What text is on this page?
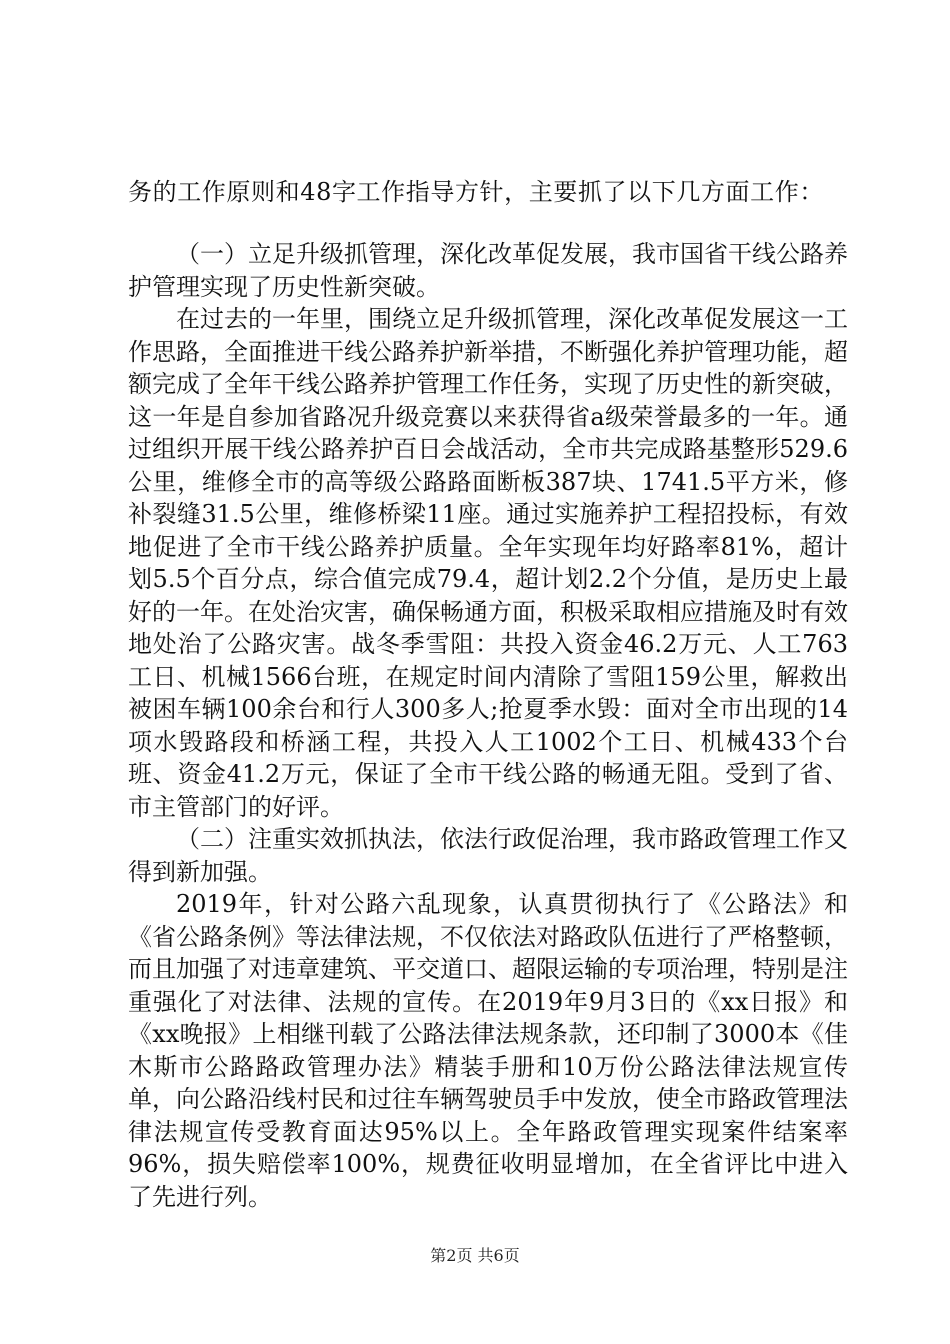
务的工作原则和48字工作指导方针，主要抓了以下几方面工作：

（一）立足升级抓管理，深化改革促发展，我市国省干线公路养护管理实现了历史性新突破。

在过去的一年里，围绕立足升级抓管理，深化改革促发展这一工作思路，全面推进干线公路养护新举措，不断强化养护管理功能，超额完成了全年干线公路养护管理工作任务，实现了历史性的新突破，这一年是自参加省路况升级竞赛以来获得省a级荣誉最多的一年。通过组织开展干线公路养护百日会战活动，全市共完成路基整形529.6公里，维修全市的高等级公路路面断板387块、1741.5平方米，修补裂缝31.5公里，维修桥梁11座。通过实施养护工程招投标，有效地促进了全市干线公路养护质量。全年实现年均好路率81%，超计划5.5个百分点，综合值完成79.4，超计划2.2个分值，是历史上最好的一年。在处治灾害，确保畅通方面，积极采取相应措施及时有效地处治了公路灾害。战冬季雪阻：共投入资金46.2万元、人工763工日、机械1566台班，在规定时间内清除了雪阻159公里，解救出被困车辆100余台和行人300多人;抢夏季水毁：面对全市出现的14项水毁路段和桥涵工程，共投入人工1002个工日、机械433个台班、资金41.2万元，保证了全市干线公路的畅通无阻。受到了省、市主管部门的好评。

（二）注重实效抓执法，依法行政促治理，我市路政管理工作又得到新加强。

2019年，针对公路六乱现象，认真贯彻执行了《公路法》和《省公路条例》等法律法规，不仅依法对路政队伍进行了严格整顿，而且加强了对违章建筑、平交道口、超限运输的专项治理，特别是注重强化了对法律、法规的宣传。在2019年9月3日的《xx日报》和《xx晚报》上相继刊载了公路法律法规条款，还印制了3000本《佳木斯市公路路政管理办法》精装手册和10万份公路法律法规宣传单，向公路沿线村民和过往车辆驾驶员手中发放，使全市路政管理法律法规宣传受教育面达95%以上。全年路政管理实现案件结案率96%，损失赔偿率100%，规费征收明显增加，在全省评比中进入了先进行列。

第2页 共6页
